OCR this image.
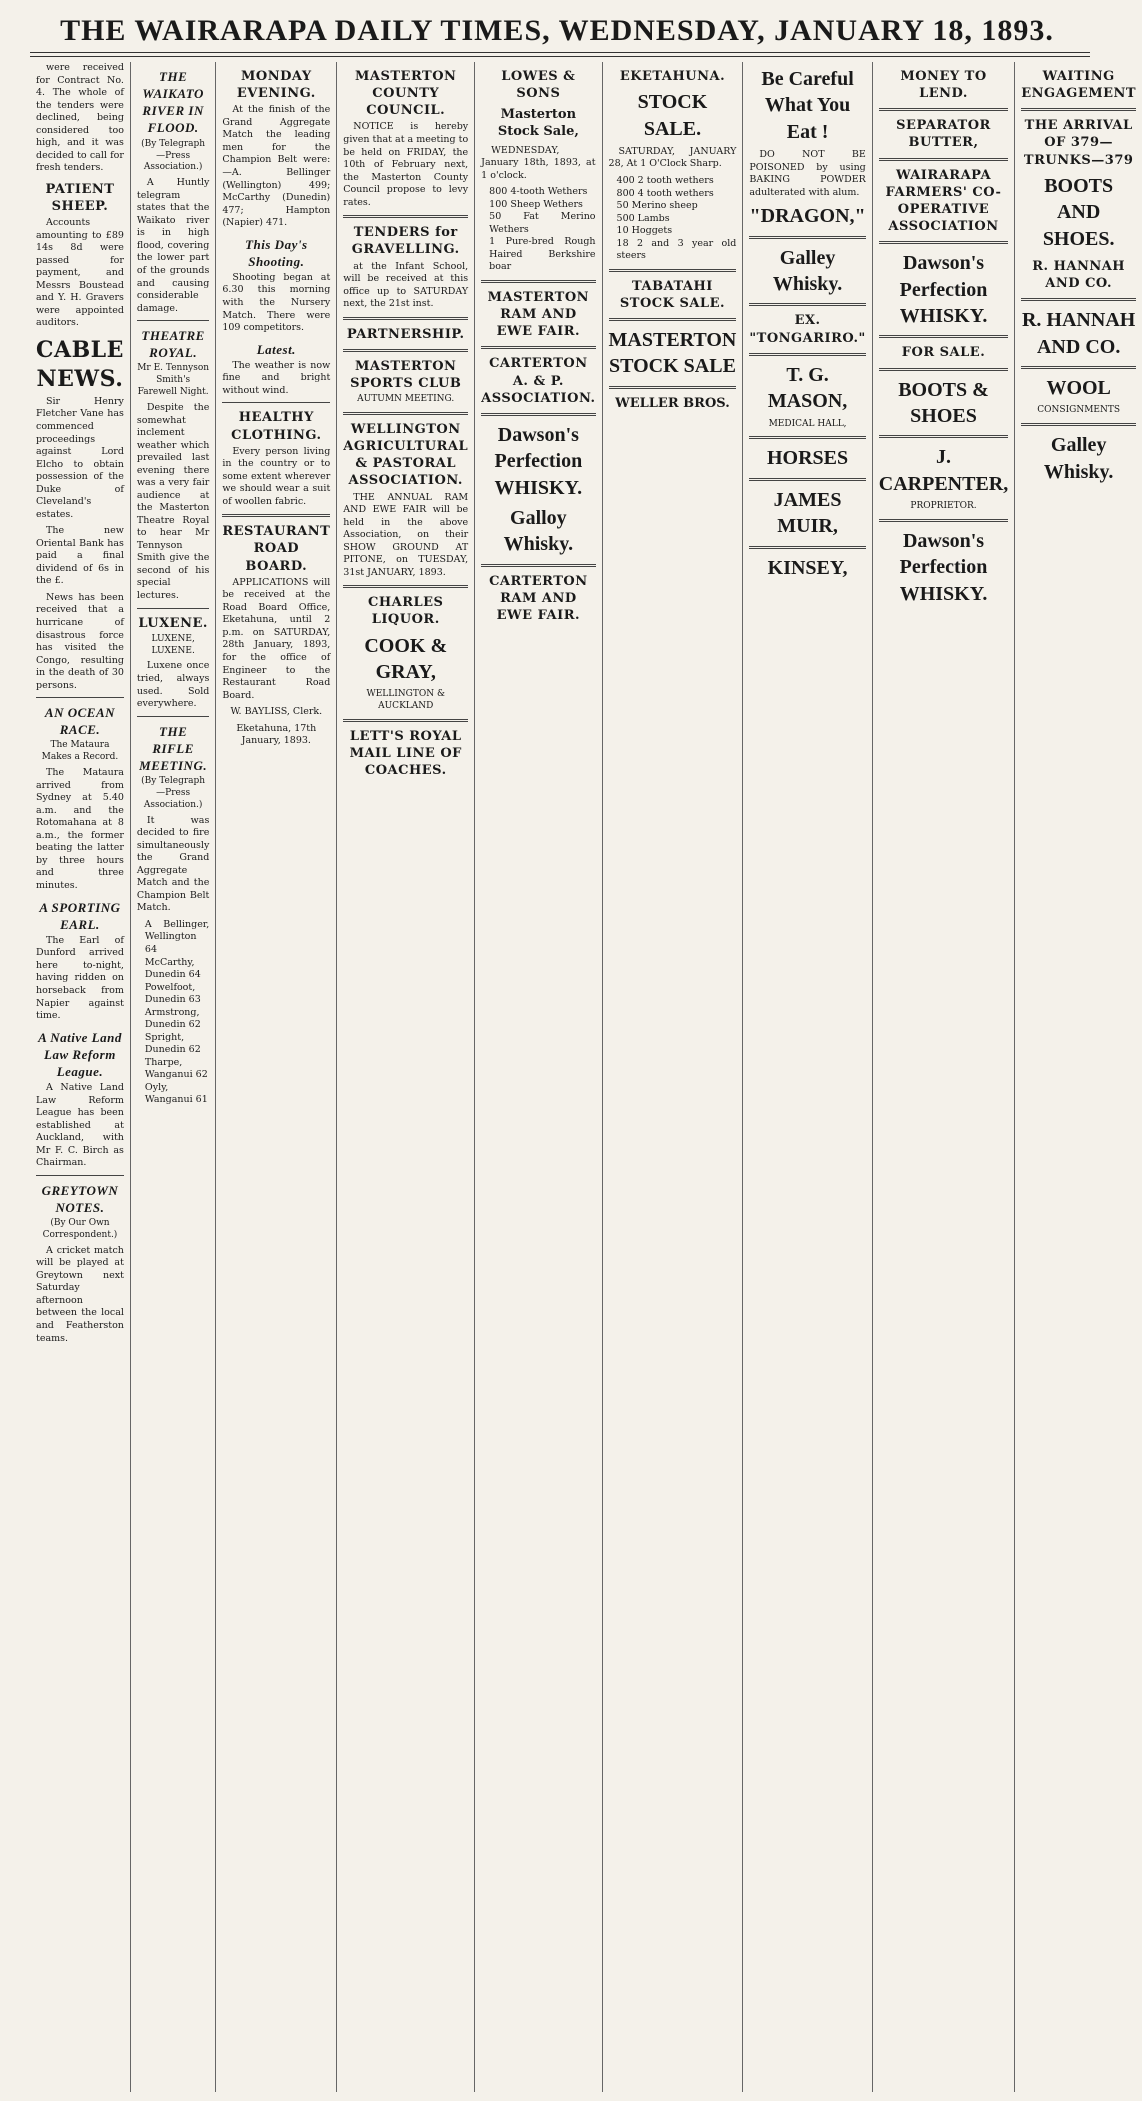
THE WAIRARAPA DAILY TIMES, WEDNESDAY, JANUARY 18, 1893.

were received for Contract No. 4. The whole of the tenders were declined, being considered too high, and it was decided to call for fresh tenders.

PATIENT SHEEP.

Accounts amounting to £89 14s 8d were passed for payment, and Messrs Boustead and Y. H. Gravers were appointed auditors.

CABLE NEWS.

Sir Henry Fletcher Vane has commenced proceedings against Lord Elcho to obtain possession of the Duke of Cleveland's estates.

The new Oriental Bank has paid a final dividend of 6s in the £.

News has been received that a hurricane of disastrous force has visited the Congo, resulting in the death of 30 persons.

AN OCEAN RACE.
The Mataura Makes a Record.

The Mataura arrived from Sydney at 5.40 a.m. and the Rotomahana at 8 a.m., the former beating the latter by three hours and three minutes.

A SPORTING EARL.

The Earl of Dunford arrived here to-night, having ridden on horseback from Napier against time.

A Native Land Law Reform League.

A Native Land Law Reform League has been established at Auckland, with Mr F. C. Birch as Chairman.

GREYTOWN NOTES.
(By Our Own Correspondent.)

A cricket match will be played at Greytown next Saturday afternoon between the local and Featherston teams.

THE WAIKATO RIVER IN FLOOD.
(By Telegraph—Press Association.)

A Huntly telegram states that the Waikato river is in high flood, covering the lower part of the grounds and causing considerable damage.

THEATRE ROYAL.
Mr E. Tennyson Smith's Farewell Night.

Despite the somewhat inclement weather which prevailed last evening there was a very fair audience at the Masterton Theatre Royal to hear Mr Tennyson Smith give the second of his special lectures.

LUXENE.
LUXENE, LUXENE.

Luxene once tried, always used. Sold everywhere.

THE RIFLE MEETING.
(By Telegraph—Press Association.)

It was decided to fire simultaneously the Grand Aggregate Match and the Champion Belt Match.

A Bellinger, Wellington 64
McCarthy, Dunedin 64
Powelfoot, Dunedin 63
Armstrong, Dunedin 62
Spright, Dunedin 62
Tharpe, Wanganui 62
Oyly, Wanganui 61
MONDAY EVENING.

At the finish of the Grand Aggregate Match the leading men for the Champion Belt were:—A. Bellinger (Wellington) 499; McCarthy (Dunedin) 477; Hampton (Napier) 471.

This Day's Shooting.

Shooting began at 6.30 this morning with the Nursery Match. There were 109 competitors.

Latest.

The weather is now fine and bright without wind.

HEALTHY CLOTHING.

Every person living in the country or to some extent wherever we should wear a suit of woollen fabric.

RESTAURANT ROAD BOARD.

APPLICATIONS will be received at the Road Board Office, Eketahuna, until 2 p.m. on SATURDAY, 28th January, 1893, for the office of Engineer to the Restaurant Road Board.

W. BAYLISS, Clerk.
Eketahuna, 17th January, 1893.
MASTERTON COUNTY COUNCIL.

NOTICE is hereby given that at a meeting to be held on FRIDAY, the 10th of February next, the Masterton County Council propose to levy rates.

TENDERS for GRAVELLING.

at the Infant School, will be received at this office up to SATURDAY next, the 21st inst.

PARTNERSHIP.
MASTERTON SPORTS CLUB
AUTUMN MEETING.
WELLINGTON AGRICULTURAL & PASTORAL ASSOCIATION.

THE ANNUAL RAM AND EWE FAIR will be held in the above Association, on their SHOW GROUND AT PITONE, on TUESDAY, 31st JANUARY, 1893.

CHARLES LIQUOR.
COOK & GRAY,
WELLINGTON & AUCKLAND
LETT'S ROYAL MAIL LINE OF COACHES.
LOWES & SONS
Masterton Stock Sale,

WEDNESDAY, January 18th, 1893, at 1 o'clock.

800 4-tooth Wethers
100 Sheep Wethers
50 Fat Merino Wethers
1 Pure-bred Rough Haired Berkshire boar
MASTERTON RAM AND EWE FAIR.
CARTERTON A. & P. ASSOCIATION.
Dawson's Perfection WHISKY.
Galloy Whisky.
CARTERTON RAM AND EWE FAIR.
EKETAHUNA.
STOCK SALE.

SATURDAY, JANUARY 28, At 1 O'Clock Sharp.

400 2 tooth wethers
800 4 tooth wethers
50 Merino sheep
500 Lambs
10 Hoggets
18 2 and 3 year old steers
TABATAHI STOCK SALE.
MASTERTON STOCK SALE
WELLER BROS.
Be Careful What You Eat !

DO NOT BE POISONED by using BAKING POWDER adulterated with alum.

"DRAGON,"
Galley Whisky.
EX. "TONGARIRO."
T. G. MASON,
MEDICAL HALL,
HORSES
JAMES MUIR,
KINSEY,
MONEY TO LEND.
SEPARATOR BUTTER,
WAIRARAPA FARMERS' CO-OPERATIVE ASSOCIATION
Dawson's Perfection WHISKY.
FOR SALE.
BOOTS & SHOES
J. CARPENTER,
PROPRIETOR.
Dawson's Perfection WHISKY.
WAITING ENGAGEMENT
THE ARRIVAL OF 379—TRUNKS—379
BOOTS AND SHOES.
R. HANNAH AND CO.
R. HANNAH AND CO.
WOOL
CONSIGNMENTS
Galley Whisky.
